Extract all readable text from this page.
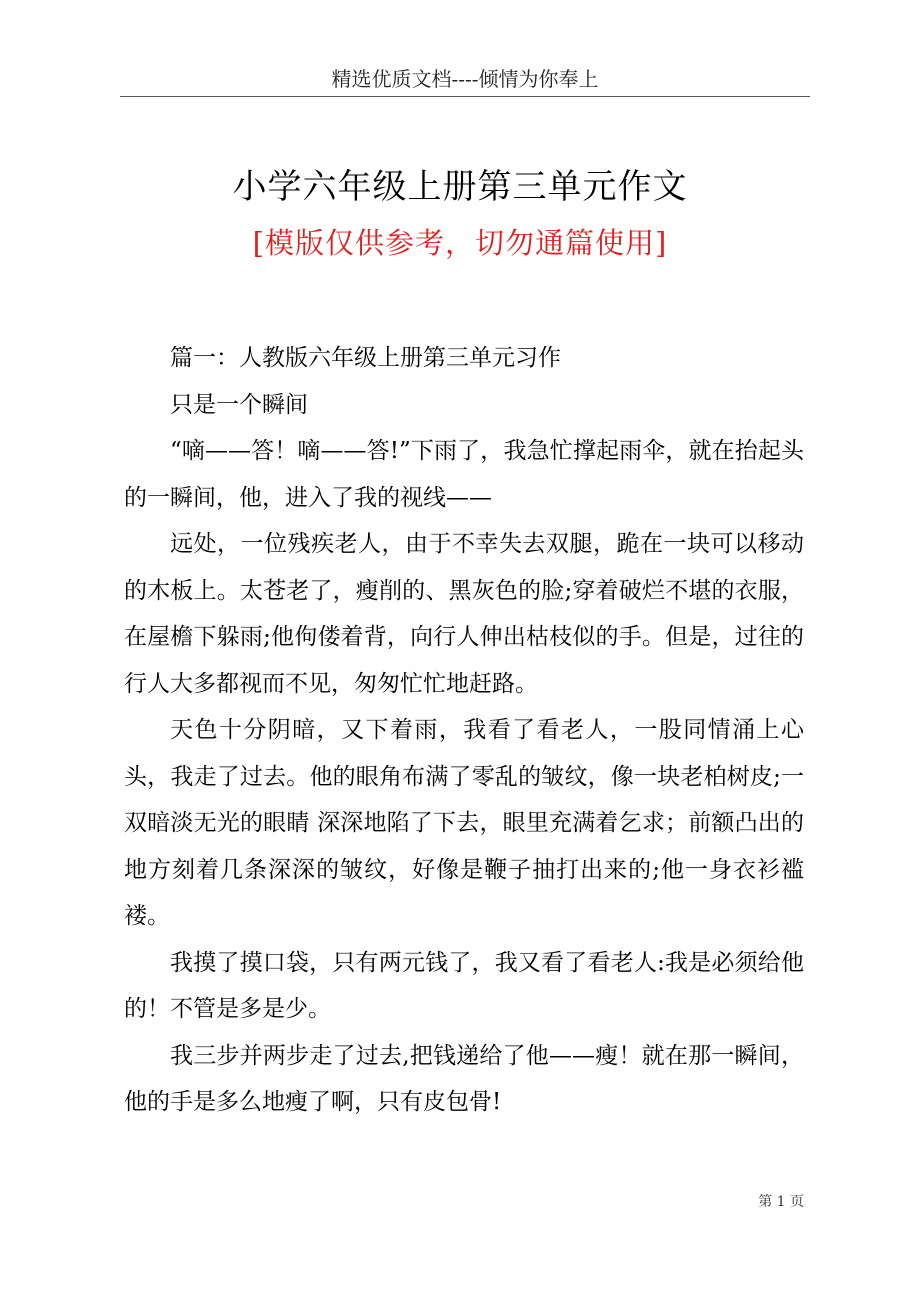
精选优质文档----倾情为你奉上
小学六年级上册第三单元作文
[模版仅供参考，切勿通篇使用]

篇一：人教版六年级上册第三单元习作

只是一个瞬间

“嘀——答！嘀——答!”下雨了，我急忙撑起雨伞，就在抬起头的一瞬间，他，进入了我的视线——

远处，一位残疾老人，由于不幸失去双腿，跪在一块可以移动的木板上。太苍老了，瘦削的、黑灰色的脸;穿着破烂不堪的衣服，在屋檐下躲雨;他佝偻着背，向行人伸出枯枝似的手。但是，过往的行人大多都视而不见，匆匆忙忙地赶路。

天色十分阴暗，又下着雨，我看了看老人，一股同情涌上心头，我走了过去。他的眼角布满了零乱的皱纹，像一块老柏树皮;一双暗淡无光的眼睛 深深地陷了下去，眼里充满着乞求；前额凸出的地方刻着几条深深的皱纹，好像是鞭子抽打出来的;他一身衣衫褴褛。

我摸了摸口袋，只有两元钱了，我又看了看老人:我是必须给他的！不管是多是少。

我三步并两步走了过去,把钱递给了他——瘦！就在那一瞬间，他的手是多么地瘦了啊，只有皮包骨!

第 1 页
